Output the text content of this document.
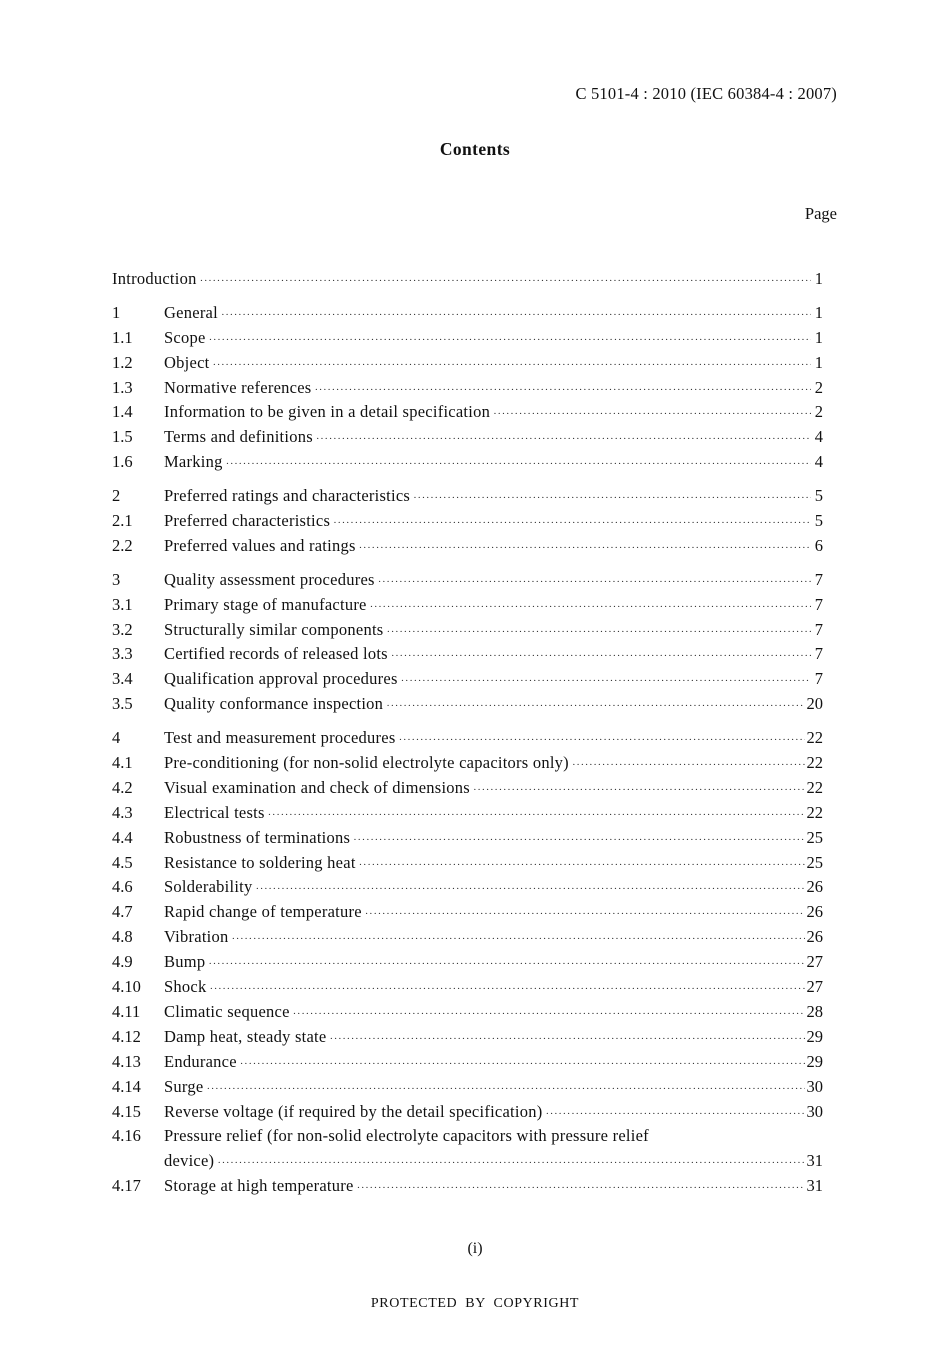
C 5101-4 : 2010 (IEC 60384-4 : 2007)
Contents
Page
Introduction ·····	1
1	General ·····	1
1.1	Scope ·····	1
1.2	Object ·····	1
1.3	Normative references ·····	2
1.4	Information to be given in a detail specification ·····	2
1.5	Terms and definitions ·····	4
1.6	Marking ·····	4
2	Preferred ratings and characteristics ·····	5
2.1	Preferred characteristics ·····	5
2.2	Preferred values and ratings ·····	6
3	Quality assessment procedures ·····	7
3.1	Primary stage of manufacture ·····	7
3.2	Structurally similar components ·····	7
3.3	Certified records of released lots ·····	7
3.4	Qualification approval procedures ·····	7
3.5	Quality conformance inspection ·····	20
4	Test and measurement procedures ·····	22
4.1	Pre-conditioning (for non-solid electrolyte capacitors only) ·····	22
4.2	Visual examination and check of dimensions ·····	22
4.3	Electrical tests ·····	22
4.4	Robustness of terminations ·····	25
4.5	Resistance to soldering heat ·····	25
4.6	Solderability ·····	26
4.7	Rapid change of temperature ·····	26
4.8	Vibration ·····	26
4.9	Bump ·····	27
4.10	Shock ·····	27
4.11	Climatic sequence ·····	28
4.12	Damp heat, steady state ·····	29
4.13	Endurance ·····	29
4.14	Surge ·····	30
4.15	Reverse voltage (if required by the detail specification) ·····	30
4.16	Pressure relief (for non-solid electrolyte capacitors with pressure relief
device) ·····	31
4.17	Storage at high temperature ·····	31
(i)
PROTECTED BY COPYRIGHT
